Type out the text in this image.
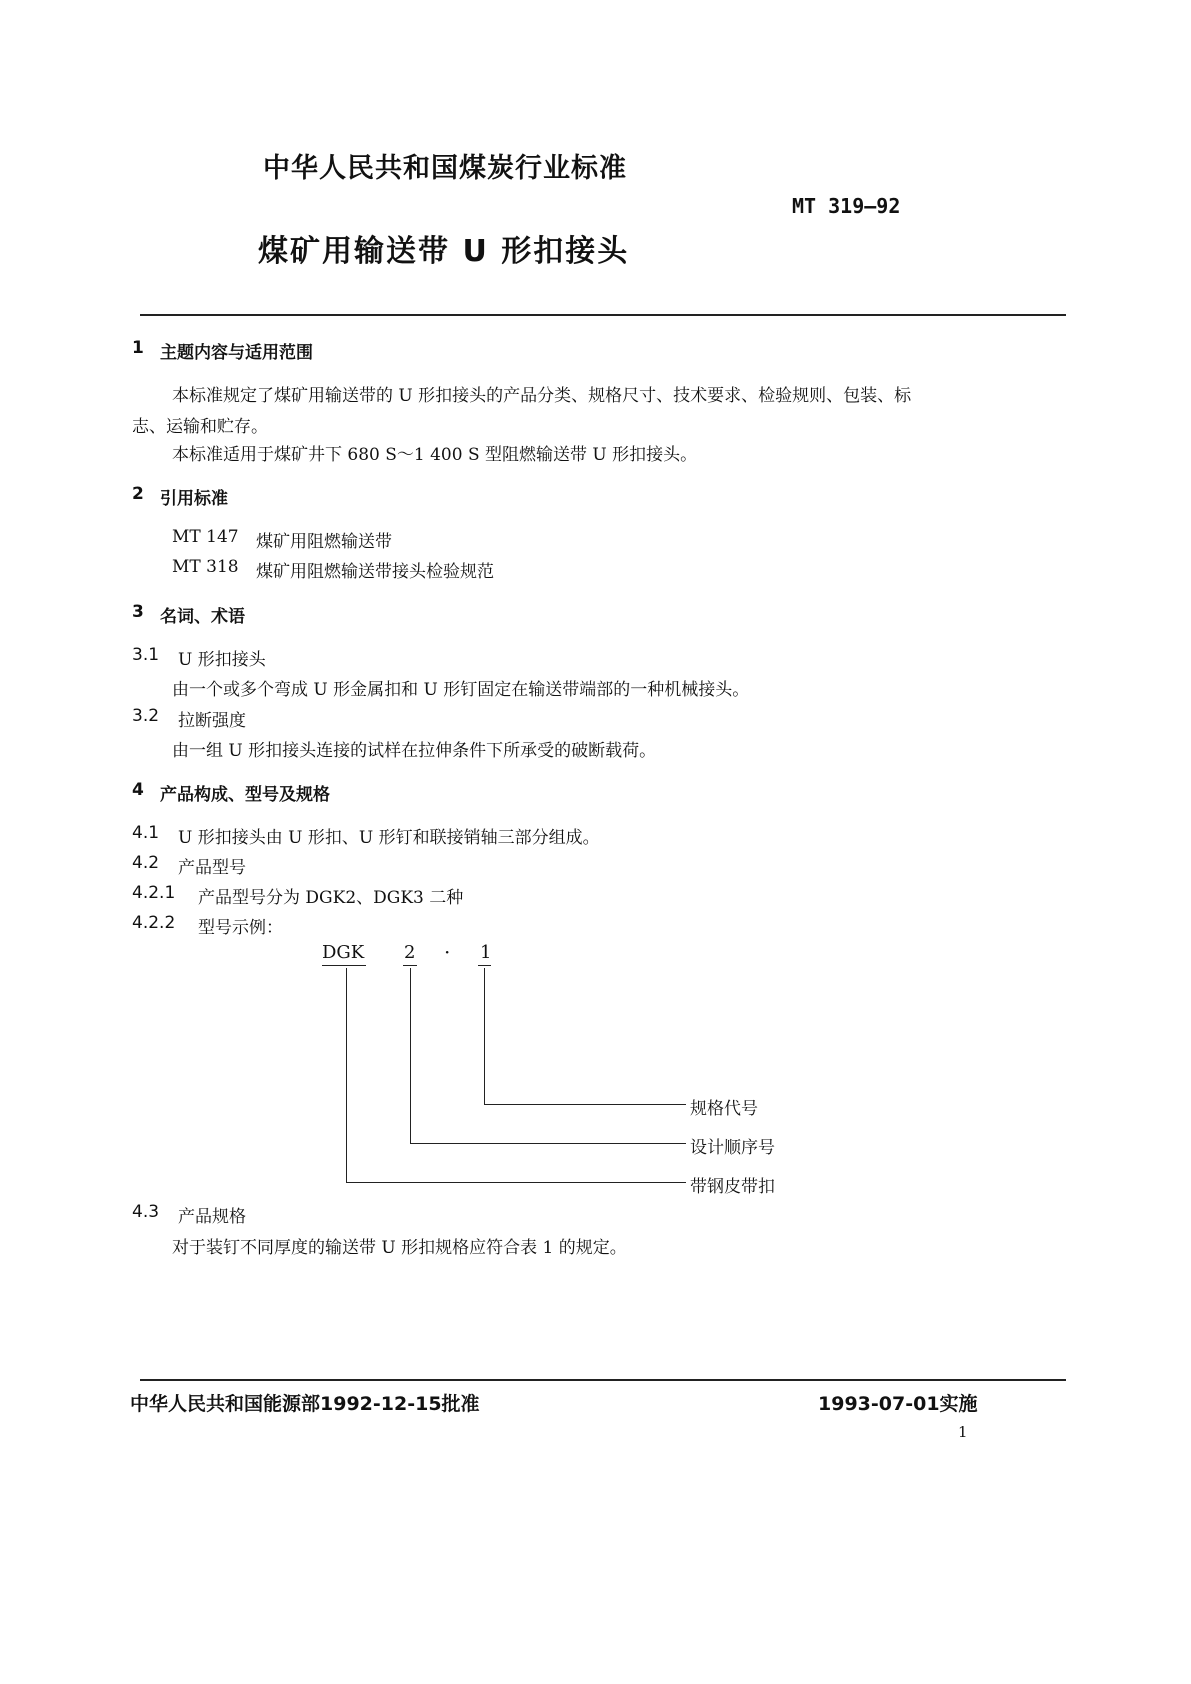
中华人民共和国煤炭行业标准
MT 319—92
煤矿用输送带 U 形扣接头
1 主题内容与适用范围
本标准规定了煤矿用输送带的 U 形扣接头的产品分类、规格尺寸、技术要求、检验规则、包装、标
志、运输和贮存。
本标准适用于煤矿井下 680 S～1 400 S 型阻燃输送带 U 形扣接头。
2 引用标准
MT 147 煤矿用阻燃输送带
MT 318 煤矿用阻燃输送带接头检验规范
3 名词、术语
3.1 U 形扣接头
由一个或多个弯成 U 形金属扣和 U 形钉固定在输送带端部的一种机械接头。
3.2 拉断强度
由一组 U 形扣接头连接的试样在拉伸条件下所承受的破断载荷。
4 产品构成、型号及规格
4.1 U 形扣接头由 U 形扣、U 形钉和联接销轴三部分组成。
4.2 产品型号
4.2.1 产品型号分为 DGK2、DGK3 二种
4.2.2 型号示例：
DGK 2 · 1
规格代号
设计顺序号
带钢皮带扣
4.3 产品规格
对于装钉不同厚度的输送带 U 形扣规格应符合表 1 的规定。
中华人民共和国能源部1992-12-15批准	1993-07-01实施
1
